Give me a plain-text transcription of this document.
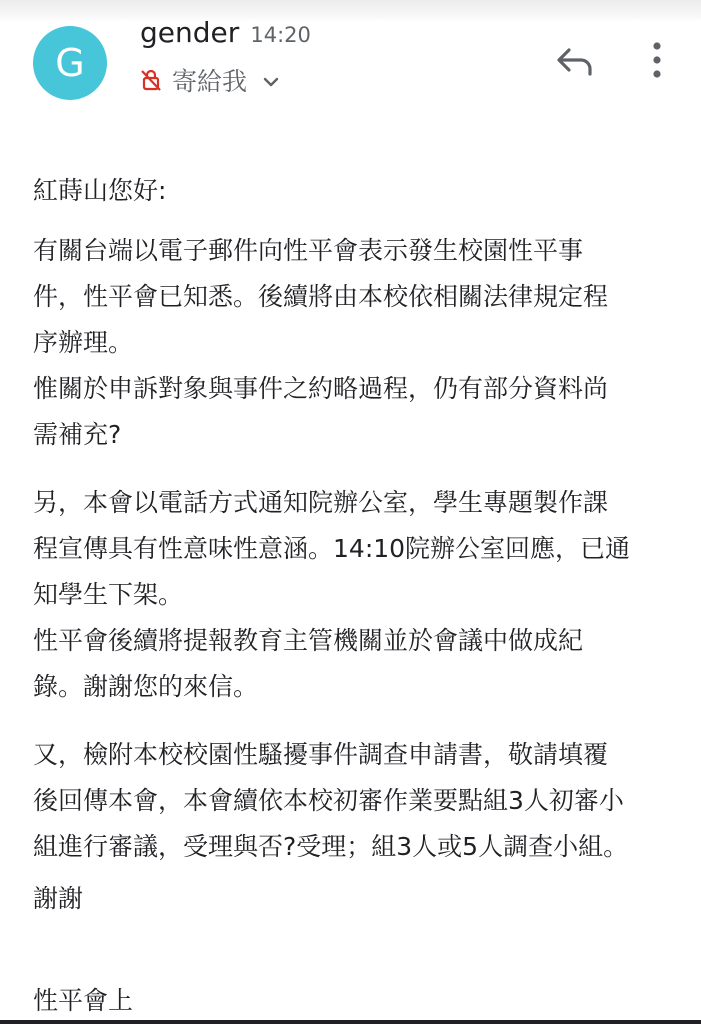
G
gender 14:20
寄給我

紅蒔山您好:

有關台端以電子郵件向性平會表示發生校園性平事
件，性平會已知悉。後續將由本校依相關法律規定程
序辦理。
惟關於申訴對象與事件之約略過程，仍有部分資料尚
需補充?

另，本會以電話方式通知院辦公室，學生專題製作課
程宣傳具有性意味性意涵。14:10院辦公室回應，已通
知學生下架。
性平會後續將提報教育主管機關並於會議中做成紀
錄。謝謝您的來信。

又，檢附本校校園性騷擾事件調查申請書，敬請填覆
後回傳本會，本會續依本校初審作業要點組3人初審小
組進行審議，受理與否?受理；組3人或5人調查小組。

謝謝

性平會上
